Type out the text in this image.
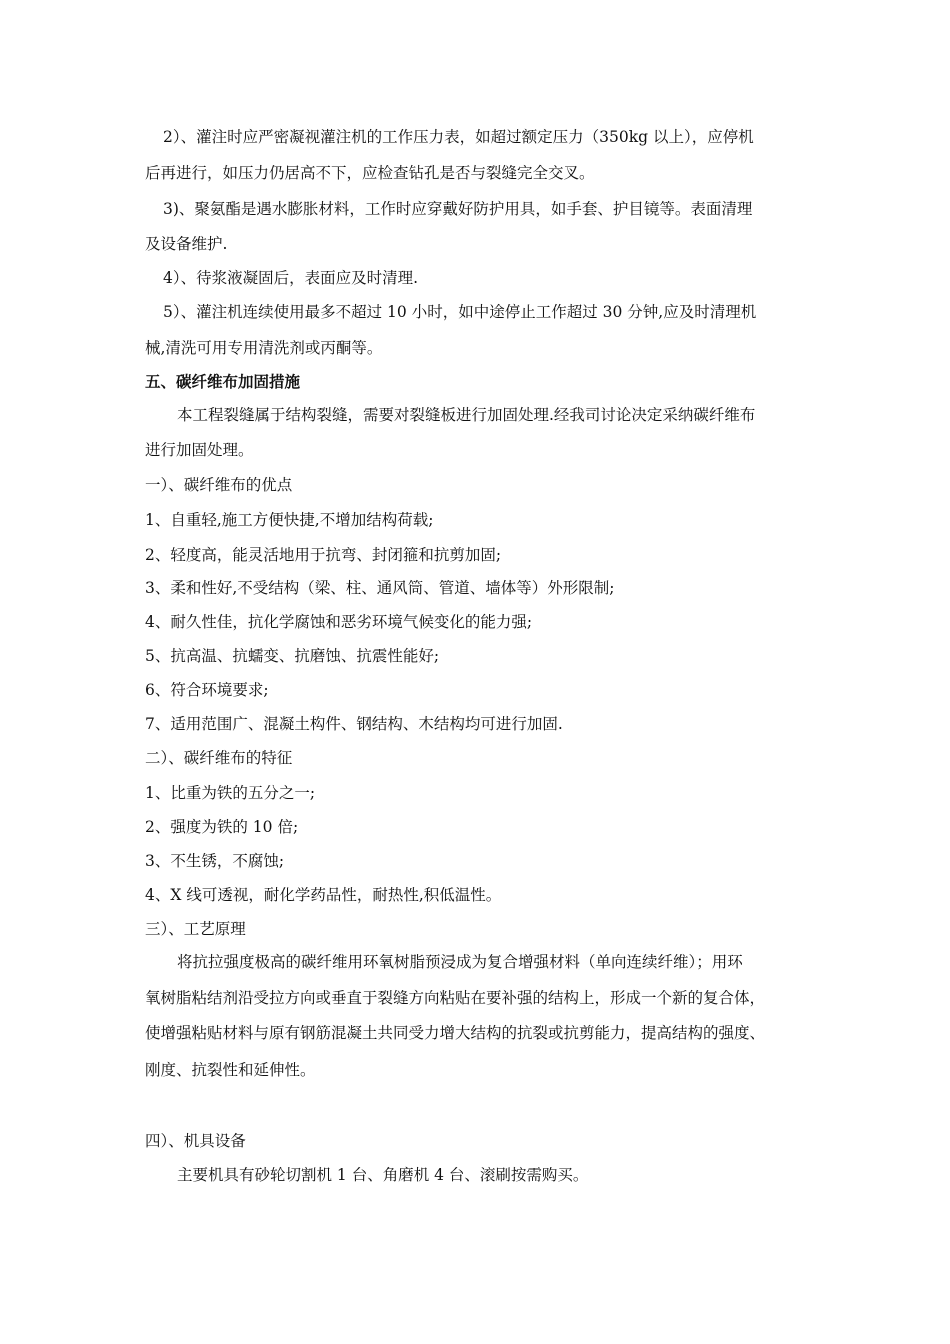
2）、灌注时应严密凝视灌注机的工作压力表，如超过额定压力（350kg 以上），应停机
后再进行，如压力仍居高不下，应检查钻孔是否与裂缝完全交叉。
3)、聚氨酯是遇水膨胀材料，工作时应穿戴好防护用具，如手套、护目镜等。表面清理
及设备维护.
4）、待浆液凝固后，表面应及时清理.
5）、灌注机连续使用最多不超过 10 小时，如中途停止工作超过 30 分钟,应及时清理机
械,清洗可用专用清洗剂或丙酮等。
五、碳纤维布加固措施
本工程裂缝属于结构裂缝，需要对裂缝板进行加固处理.经我司讨论决定采纳碳纤维布
进行加固处理。
一）、碳纤维布的优点
1、自重轻,施工方便快捷,不增加结构荷载;
2、轻度高，能灵活地用于抗弯、封闭箍和抗剪加固;
3、柔和性好,不受结构（梁、柱、通风筒、管道、墙体等）外形限制;
4、耐久性佳，抗化学腐蚀和恶劣环境气候变化的能力强;
5、抗高温、抗蠕变、抗磨蚀、抗震性能好;
6、符合环境要求;
7、适用范围广、混凝土构件、钢结构、木结构均可进行加固.
二）、碳纤维布的特征
1、比重为铁的五分之一;
2、强度为铁的 10 倍;
3、不生锈，不腐蚀;
4、X 线可透视，耐化学药品性，耐热性,积低温性。
三）、工艺原理
将抗拉强度极高的碳纤维用环氧树脂预浸成为复合增强材料（单向连续纤维）；用环
氧树脂粘结剂沿受拉方向或垂直于裂缝方向粘贴在要补强的结构上，形成一个新的复合体，
使增强粘贴材料与原有钢筋混凝土共同受力增大结构的抗裂或抗剪能力，提高结构的强度、
刚度、抗裂性和延伸性。
四）、机具设备
主要机具有砂轮切割机 1 台、角磨机 4 台、滚刷按需购买。
